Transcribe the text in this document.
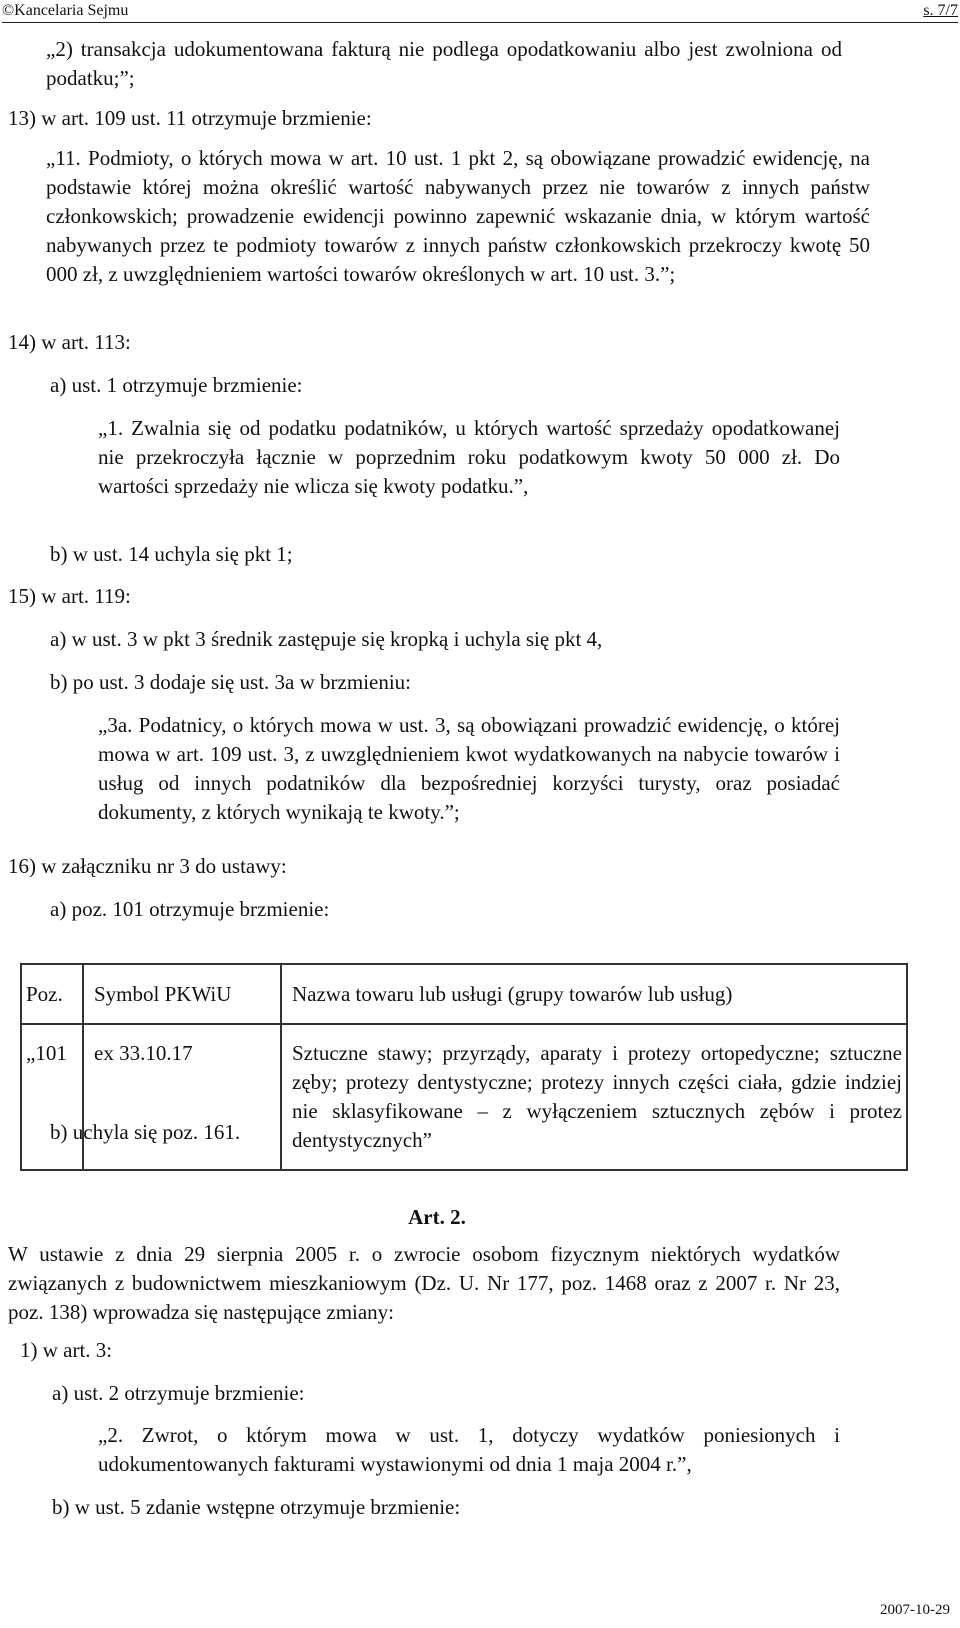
©Kancelaria Sejmu	s. 7/7
„2) transakcja udokumentowana fakturą nie podlega opodatkowaniu albo jest zwolniona od podatku;”;
13) w art. 109 ust. 11 otrzymuje brzmienie:
„11. Podmioty, o których mowa w art. 10 ust. 1 pkt 2, są obowiązane prowadzić ewidencję, na podstawie której można określić wartość nabywanych przez nie towarów z innych państw członkowskich; prowadzenie ewidencji powinno zapewnić wskazanie dnia, w którym wartość nabywanych przez te podmioty towarów z innych państw członkowskich przekroczy kwotę 50 000 zł, z uwzględnieniem wartości towarów określonych w art. 10 ust. 3.”;
14) w art. 113:
a) ust. 1 otrzymuje brzmienie:
„1. Zwalnia się od podatku podatników, u których wartość sprzedaży opodatkowanej nie przekroczyła łącznie w poprzednim roku podatkowym kwoty 50 000 zł. Do wartości sprzedaży nie wlicza się kwoty podatku.”,
b) w ust. 14 uchyla się pkt 1;
15) w art. 119:
a) w ust. 3 w pkt 3 średnik zastępuje się kropką i uchyla się pkt 4,
b) po ust. 3 dodaje się ust. 3a w brzmieniu:
„3a. Podatnicy, o których mowa w ust. 3, są obowiązani prowadzić ewidencję, o której mowa w art. 109 ust. 3, z uwzględnieniem kwot wydatkowanych na nabycie towarów i usług od innych podatników dla bezpośredniej korzyści turysty, oraz posiadać dokumenty, z których wynikają te kwoty.”;
16) w załączniku nr 3 do ustawy:
a) poz. 101 otrzymuje brzmienie:
Poz.	Symbol PKWiU	Nazwa towaru lub usługi (grupy towarów lub usług)
„101	ex 33.10.17	Sztuczne stawy; przyrządy, aparaty i protezy ortopedyczne; sztuczne zęby; protezy dentystyczne; protezy innych części ciała, gdzie indziej nie sklasyfikowane – z wyłączeniem sztucznych zębów i protez dentystycznych”
b) uchyla się poz. 161.
Art. 2.
W ustawie z dnia 29 sierpnia 2005 r. o zwrocie osobom fizycznym niektórych wydatków związanych z budownictwem mieszkaniowym (Dz. U. Nr 177, poz. 1468 oraz z 2007 r. Nr 23, poz. 138) wprowadza się następujące zmiany:
1) w art. 3:
a) ust. 2 otrzymuje brzmienie:
„2. Zwrot, o którym mowa w ust. 1, dotyczy wydatków poniesionych i udokumentowanych fakturami wystawionymi od dnia 1 maja 2004 r.”,
b) w ust. 5 zdanie wstępne otrzymuje brzmienie:
2007-10-29
